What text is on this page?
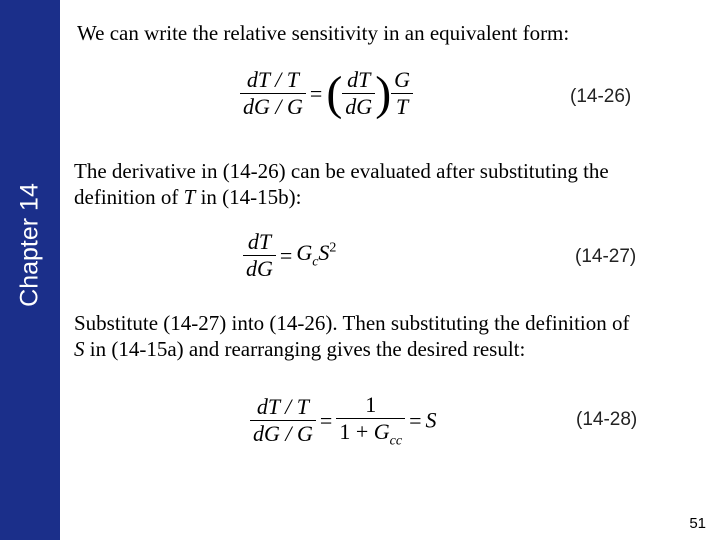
Chapter 14

We can write the relative sensitivity in an equivalent form:

$\frac{dT / T}{dG / G}$ =( $\frac{dT}{dG}$ ) $\frac{G}{T}$	(14-26)

The derivative in (14-26) can be evaluated after substituting the
definition of T in (14-15b):

$\frac{dT}{dG} = G_cS^2$	(14-27)

Substitute (14-27) into (14-26). Then substituting the definition of
S in (14-15a) and rearranging gives the desired result:

$\frac{dT / T}{dG / G} = \frac{1}{1 + G_{cc}} = S$	(14-28)
51
